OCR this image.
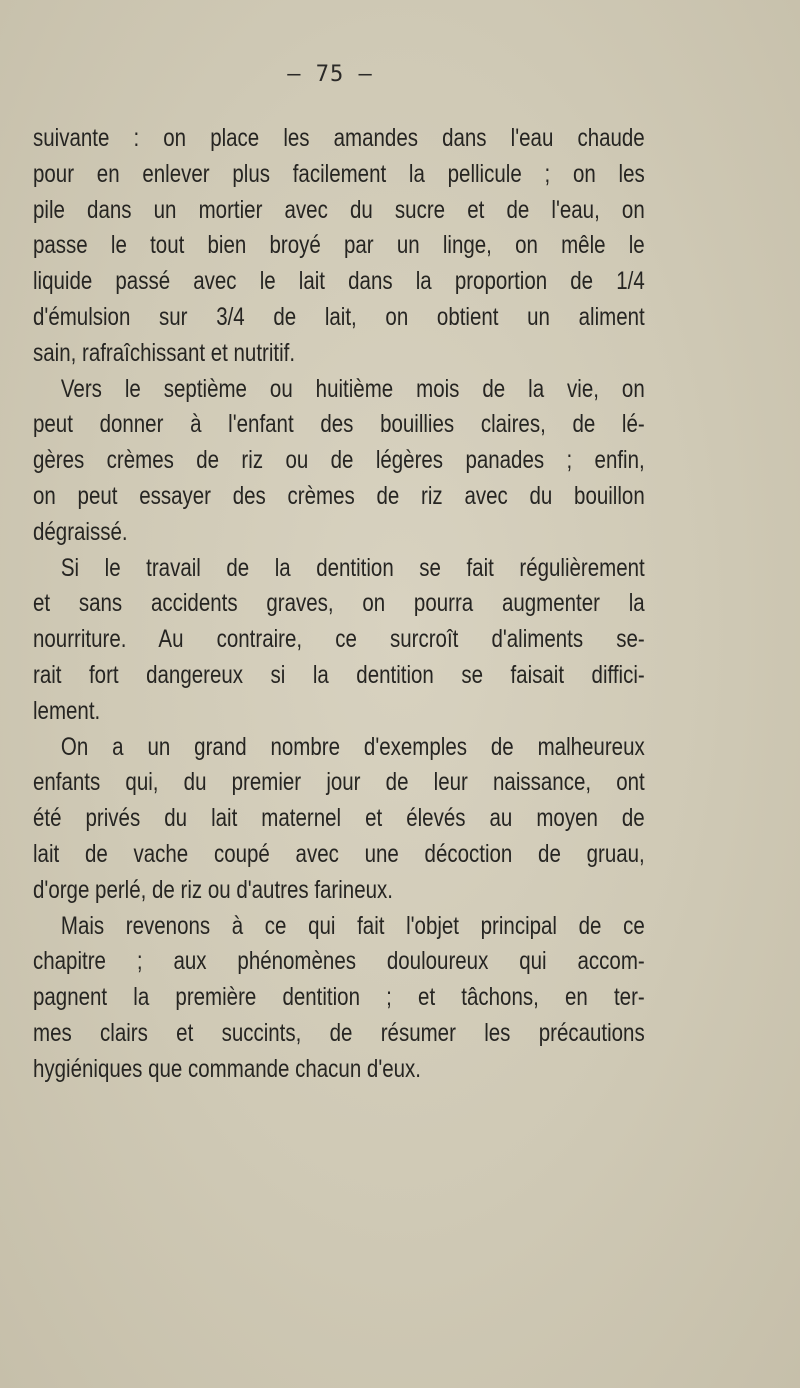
— 75 —
suivante : on place les amandes dans l'eau chaude
pour en enlever plus facilement la pellicule ; on les
pile dans un mortier avec du sucre et de l'eau, on
passe le tout bien broyé par un linge, on mêle le
liquide passé avec le lait dans la proportion de 1/4
d'émulsion sur 3/4 de lait, on obtient un aliment
sain, rafraîchissant et nutritif.
Vers le septième ou huitième mois de la vie, on
peut donner à l'enfant des bouillies claires, de lé-
gères crèmes de riz ou de légères panades ; enfin,
on peut essayer des crèmes de riz avec du bouillon
dégraissé.
Si le travail de la dentition se fait régulièrement
et sans accidents graves, on pourra augmenter la
nourriture. Au contraire, ce surcroît d'aliments se-
rait fort dangereux si la dentition se faisait diffici-
lement.
On a un grand nombre d'exemples de malheureux
enfants qui, du premier jour de leur naissance, ont
été privés du lait maternel et élevés au moyen de
lait de vache coupé avec une décoction de gruau,
d'orge perlé, de riz ou d'autres farineux.
Mais revenons à ce qui fait l'objet principal de ce
chapitre ; aux phénomènes douloureux qui accom-
pagnent la première dentition ; et tâchons, en ter-
mes clairs et succints, de résumer les précautions
hygiéniques que commande chacun d'eux.
